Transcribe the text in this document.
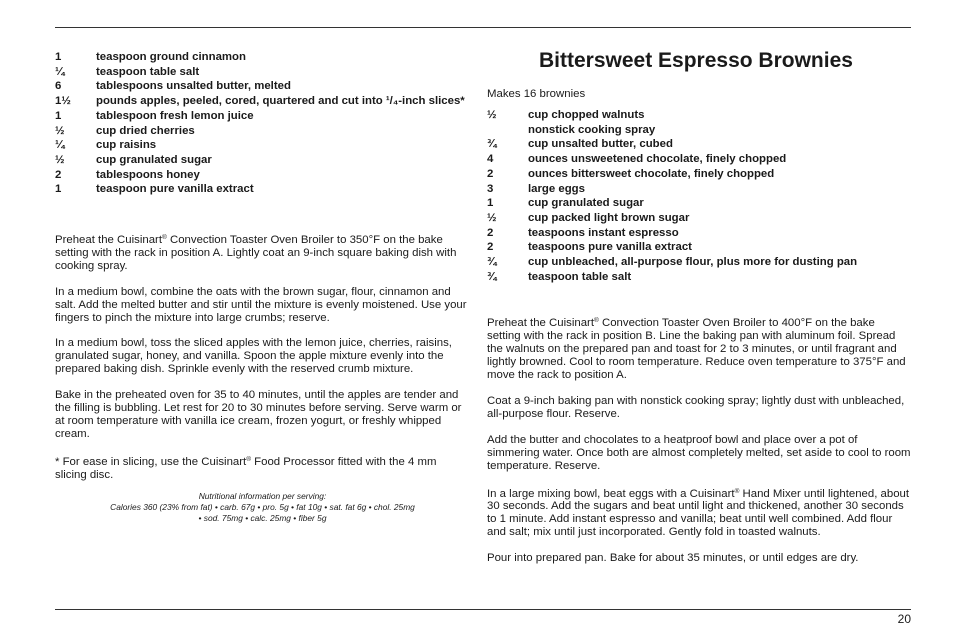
1	teaspoon ground cinnamon
¼	teaspoon table salt
6	tablespoons unsalted butter, melted
1½	pounds apples, peeled, cored, quartered and cut into ¹/₄-inch slices*
1	tablespoon fresh lemon juice
½	cup dried cherries
¼	cup raisins
½	cup granulated sugar
2	tablespoons honey
1	teaspoon pure vanilla extract

Preheat the Cuisinart® Convection Toaster Oven Broiler to 350°F on the bake setting with the rack in position A. Lightly coat an 9-inch square baking dish with cooking spray.

In a medium bowl, combine the oats with the brown sugar, flour, cinnamon and salt. Add the melted butter and stir until the mixture is evenly moistened. Use your fingers to pinch the mixture into large crumbs; reserve.

In a medium bowl, toss the sliced apples with the lemon juice, cherries, raisins, granulated sugar, honey, and vanilla. Spoon the apple mixture evenly into the prepared baking dish. Sprinkle evenly with the reserved crumb mixture.

Bake in the preheated oven for 35 to 40 minutes, until the apples are tender and the filling is bubbling. Let rest for 20 to 30 minutes before serving. Serve warm or at room temperature with vanilla ice cream, frozen yogurt, or freshly whipped cream.

* For ease in slicing, use the Cuisinart® Food Processor fitted with the 4 mm slicing disc.

Nutritional information per serving:

Calories 360 (23% from fat) • carb. 67g • pro. 5g • fat 10g • sat. fat 6g • chol. 25mg

• sod. 75mg • calc. 25mg • fiber 5g

Bittersweet Espresso Brownies

Makes 16 brownies

½	cup chopped walnuts
nonstick cooking spray
¾	cup unsalted butter, cubed
4	ounces unsweetened chocolate, finely chopped
2	ounces bittersweet chocolate, finely chopped
3	large eggs
1	cup granulated sugar
½	cup packed light brown sugar
2	teaspoons instant espresso
2	teaspoons pure vanilla extract
¾	cup unbleached, all-purpose flour, plus more for dusting pan
¾	teaspoon table salt

Preheat the Cuisinart® Convection Toaster Oven Broiler to 400°F on the bake setting with the rack in position B. Line the baking pan with aluminum foil. Spread the walnuts on the prepared pan and toast for 2 to 3 minutes, or until fragrant and lightly browned. Cool to room temperature. Reduce oven temperature to 375°F and move the rack to position A.

Coat a 9-inch baking pan with nonstick cooking spray; lightly dust with unbleached, all-purpose flour. Reserve.

Add the butter and chocolates to a heatproof bowl and place over a pot of simmering water. Once both are almost completely melted, set aside to cool to room temperature. Reserve.

In a large mixing bowl, beat eggs with a Cuisinart® Hand Mixer until lightened, about 30 seconds. Add the sugars and beat until light and thickened, another 30 seconds to 1 minute. Add instant espresso and vanilla; beat until well combined. Add flour and salt; mix until just incorporated. Gently fold in toasted walnuts.

Pour into prepared pan. Bake for about 35 minutes, or until edges are dry.

20
